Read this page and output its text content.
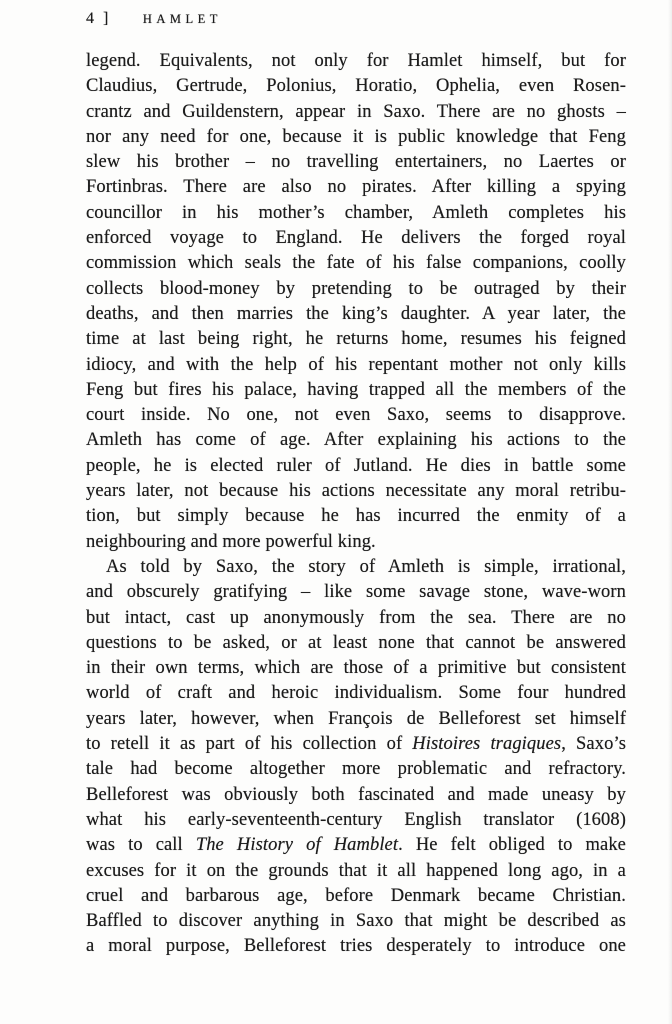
4 ]	HAMLET
legend. Equivalents, not only for Hamlet himself, but for
Claudius, Gertrude, Polonius, Horatio, Ophelia, even Rosen-
crantz and Guildenstern, appear in Saxo. There are no ghosts –
nor any need for one, because it is public knowledge that Feng
slew his brother – no travelling entertainers, no Laertes or
Fortinbras. There are also no pirates. After killing a spying
councillor in his mother’s chamber, Amleth completes his
enforced voyage to England. He delivers the forged royal
commission which seals the fate of his false companions, coolly
collects blood-money by pretending to be outraged by their
deaths, and then marries the king’s daughter. A year later, the
time at last being right, he returns home, resumes his feigned
idiocy, and with the help of his repentant mother not only kills
Feng but fires his palace, having trapped all the members of the
court inside. No one, not even Saxo, seems to disapprove.
Amleth has come of age. After explaining his actions to the
people, he is elected ruler of Jutland. He dies in battle some
years later, not because his actions necessitate any moral retribu-
tion, but simply because he has incurred the enmity of a
neighbouring and more powerful king.
As told by Saxo, the story of Amleth is simple, irrational,
and obscurely gratifying – like some savage stone, wave-worn
but intact, cast up anonymously from the sea. There are no
questions to be asked, or at least none that cannot be answered
in their own terms, which are those of a primitive but consistent
world of craft and heroic individualism. Some four hundred
years later, however, when François de Belleforest set himself
to retell it as part of his collection of Histoires tragiques, Saxo’s
tale had become altogether more problematic and refractory.
Belleforest was obviously both fascinated and made uneasy by
what his early-seventeenth-century English translator (1608)
was to call The History of Hamblet. He felt obliged to make
excuses for it on the grounds that it all happened long ago, in a
cruel and barbarous age, before Denmark became Christian.
Baffled to discover anything in Saxo that might be described as
a moral purpose, Belleforest tries desperately to introduce one
